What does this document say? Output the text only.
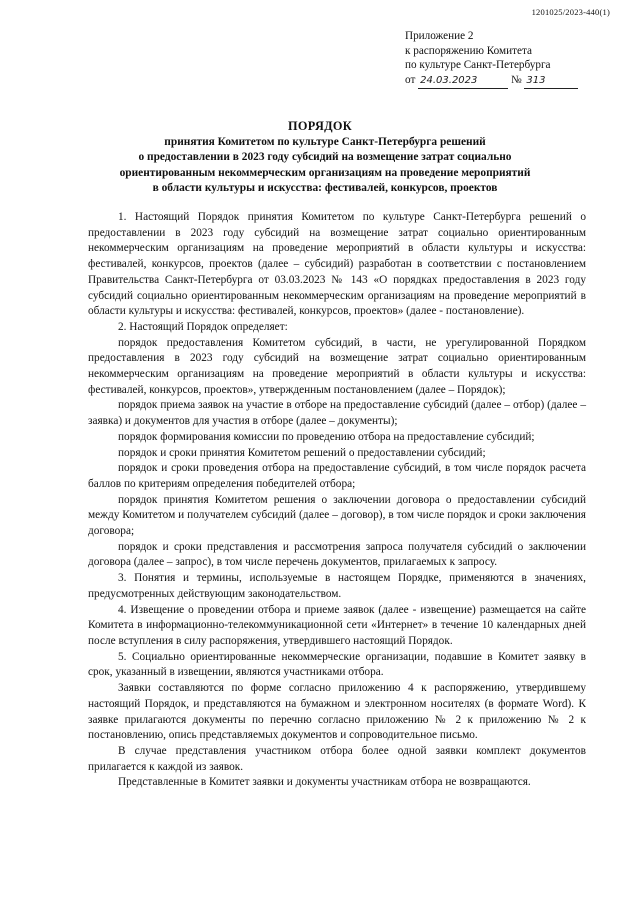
1201025/2023-440(1)
Приложение 2
к распоряжению Комитета
по культуре Санкт-Петербурга
от 24.03.2023	№ 313
ПОРЯДОК
принятия Комитетом по культуре Санкт-Петербурга решений
о предоставлении в 2023 году субсидий на возмещение затрат социально
ориентированным некоммерческим организациям на проведение мероприятий
в области культуры и искусства: фестивалей, конкурсов, проектов

1. Настоящий Порядок принятия Комитетом по культуре Санкт-Петербурга решений о предоставлении в 2023 году субсидий на возмещение затрат социально ориентированным некоммерческим организациям на проведение мероприятий в области культуры и искусства: фестивалей, конкурсов, проектов (далее – субсидий) разработан в соответствии с постановлением Правительства Санкт-Петербурга от 03.03.2023 № 143 «О порядках предоставления в 2023 году субсидий социально ориентированным некоммерческим организациям на проведение мероприятий в области культуры и искусства: фестивалей, конкурсов, проектов» (далее - постановление).

2. Настоящий Порядок определяет:

порядок предоставления Комитетом субсидий, в части, не урегулированной Порядком предоставления в 2023 году субсидий на возмещение затрат социально ориентированным некоммерческим организациям на проведение мероприятий в области культуры и искусства: фестивалей, конкурсов, проектов», утвержденным постановлением (далее – Порядок);

порядок приема заявок на участие в отборе на предоставление субсидий (далее – отбор) (далее – заявка) и документов для участия в отборе (далее – документы);

порядок формирования комиссии по проведению отбора на предоставление субсидий;

порядок и сроки принятия Комитетом решений о предоставлении субсидий;

порядок и сроки проведения отбора на предоставление субсидий, в том числе порядок расчета баллов по критериям определения победителей отбора;

порядок принятия Комитетом решения о заключении договора о предоставлении субсидий между Комитетом и получателем субсидий (далее – договор), в том числе порядок и сроки заключения договора;

порядок и сроки представления и рассмотрения запроса получателя субсидий о заключении договора (далее – запрос), в том числе перечень документов, прилагаемых к запросу.

3. Понятия и термины, используемые в настоящем Порядке, применяются в значениях, предусмотренных действующим законодательством.

4. Извещение о проведении отбора и приеме заявок (далее - извещение) размещается на сайте Комитета в информационно-телекоммуникационной сети «Интернет» в течение 10 календарных дней после вступления в силу распоряжения, утвердившего настоящий Порядок.

5. Социально ориентированные некоммерческие организации, подавшие в Комитет заявку в срок, указанный в извещении, являются участниками отбора.

Заявки составляются по форме согласно приложению 4 к распоряжению, утвердившему настоящий Порядок, и представляются на бумажном и электронном носителях (в формате Word). К заявке прилагаются документы по перечню согласно приложению № 2 к приложению № 2 к постановлению, опись представляемых документов и сопроводительное письмо.

В случае представления участником отбора более одной заявки комплект документов прилагается к каждой из заявок.

Представленные в Комитет заявки и документы участникам отбора не возвращаются.
